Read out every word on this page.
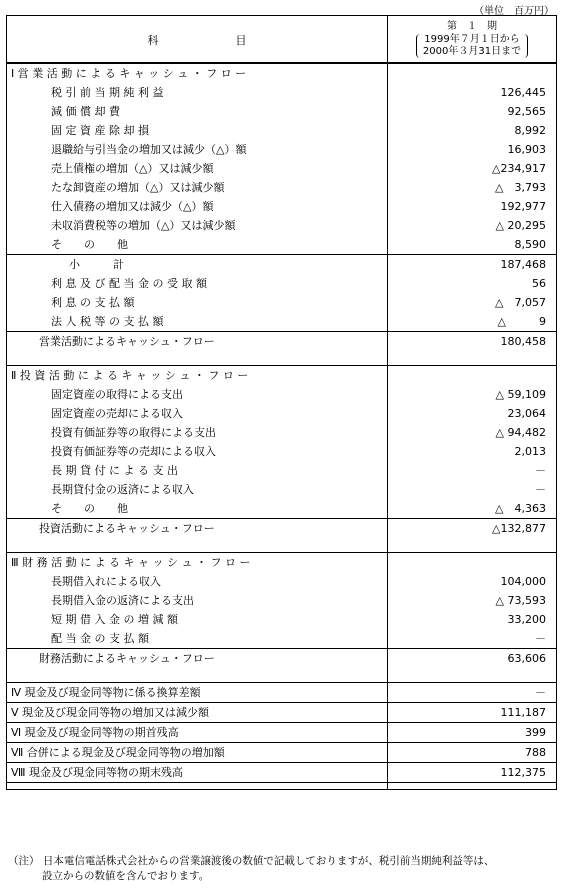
（単位　百万円）
科　　　　　　　目	第　１　期
1999年７月１日から
2000年３月31日まで

Ⅰ 営 業 活 動 に よ る キ ャ ッ シ ュ ・ フ ロ ー	
税 引 前 当 期 純 利 益	126,445
減 価 償 却 費	92,565
固 定 資 産 除 却 損	8,992
退職給与引当金の増加又は減少（△）額	16,903
売上債権の増加（△）又は減少額	△234,917
たな卸資産の増加（△）又は減少額	△　3,793
仕入債務の増加又は減少（△）額	192,977
未収消費税等の増加（△）又は減少額	△ 20,295
そ　　の　　他	8,590
小　　　計	187,468
利 息 及 び 配 当 金 の 受 取 額	56
利 息 の 支 払 額	△　7,057
法 人 税 等 の 支 払 額	△　　　9
営業活動によるキャッシュ・フロー	180,458

Ⅱ 投 資 活 動 に よ る キ ャ ッ シ ュ ・ フ ロ ー	
固定資産の取得による支出	△ 59,109
固定資産の売却による収入	23,064
投資有価証券等の取得による支出	△ 94,482
投資有価証券等の売却による収入	2,013
長 期 貸 付 に よ る 支 出	－
長期貸付金の返済による収入	－
そ　　の　　他	△　4,363
投資活動によるキャッシュ・フロー	△132,877

Ⅲ 財 務 活 動 に よ る キ ャ ッ シ ュ ・ フ ロ ー	
長期借入れによる収入	104,000
長期借入金の返済による支出	△ 73,593
短 期 借 入 金 の 増 減 額	33,200
配 当 金 の 支 払 額	－
財務活動によるキャッシュ・フロー	63,606

Ⅳ 現金及び現金同等物に係る換算差額	－
Ⅴ 現金及び現金同等物の増加又は減少額	111,187
Ⅵ 現金及び現金同等物の期首残高	399
Ⅶ 合併による現金及び現金同等物の増加額	788
Ⅷ 現金及び現金同等物の期末残高	112,375

（注） 日本電信電話株式会社からの営業譲渡後の数値で記載しておりますが、税引前当期純利益等は、
設立からの数値を含んでおります。
